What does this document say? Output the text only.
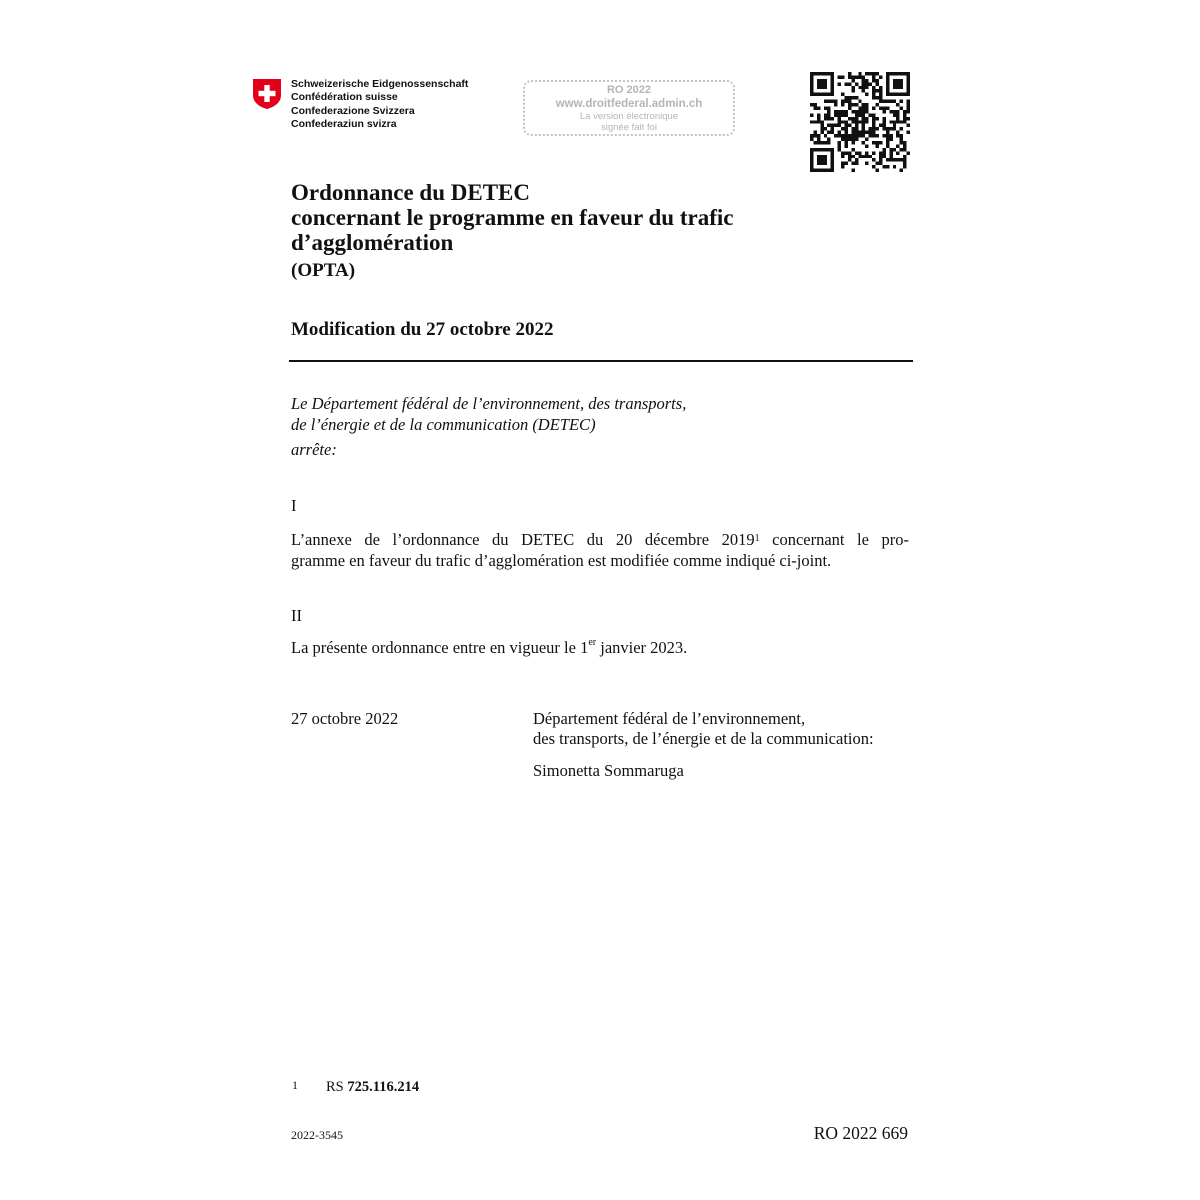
Schweizerische Eidgenossenschaft
Confédération suisse
Confederazione Svizzera
Confederaziun svizra
RO 2022
www.droitfederal.admin.ch
La version électronique
signée fait foi
Ordonnance du DETEC
concernant le programme en faveur du trafic
d’agglomération
(OPTA)
Modification du 27 octobre 2022
Le Département fédéral de l’environnement, des transports,
de l’énergie et de la communication (DETEC)
arrête:
I
L’annexe de l’ordonnance du DETEC du 20 décembre 2019$^1$ concernant le pro-
gramme en faveur du trafic d’agglomération est modifiée comme indiqué ci-joint.
II
La présente ordonnance entre en vigueur le 1er janvier 2023.
27 octobre 2022	Département fédéral de l’environnement,
des transports, de l’énergie et de la communication:
Simonetta Sommaruga
1 RS 725.116.214
2022-3545	RO 2022 669
